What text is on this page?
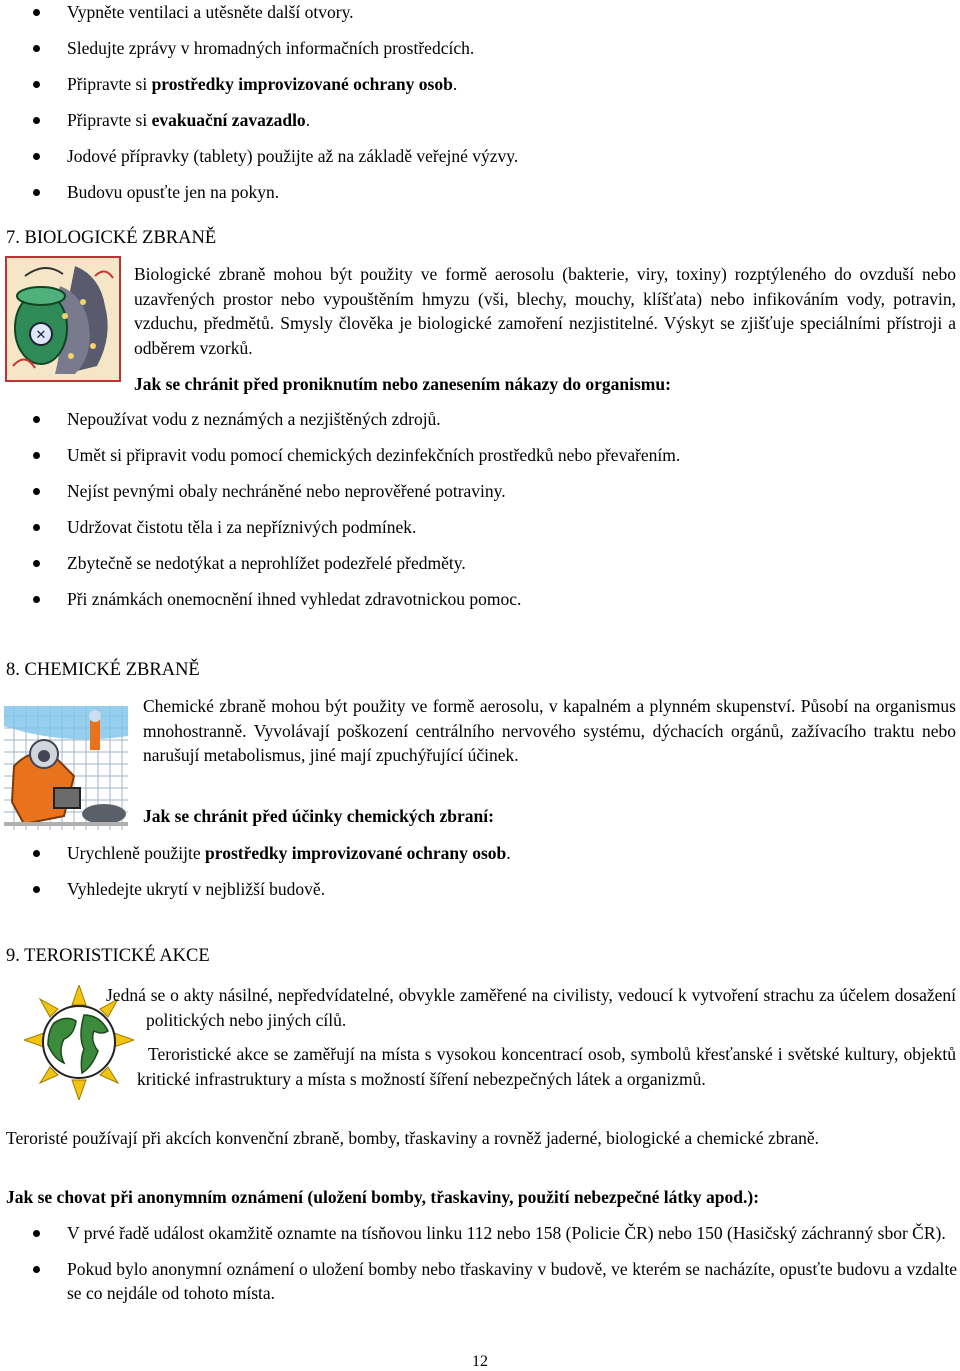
Vypněte ventilaci a utěsněte další otvory.
Sledujte zprávy v hromadných informačních prostředcích.
Připravte si prostředky improvizované ochrany osob.
Připravte si evakuační zavazadlo.
Jodové přípravky (tablety) použijte až na základě veřejné výzvy.
Budovu opusťte jen na pokyn.
7. BIOLOGICKÉ ZBRANĚ
✕

Biologické zbraně mohou být použity ve formě aerosolu (bakterie, viry, toxiny) rozptýleného do ovzduší nebo uzavřených prostor nebo vypouštěním hmyzu (vši, blechy, mouchy, klíšťata) nebo infikováním vody, potravin, vzduchu, předmětů. Smysly člověka je biologické zamoření nezjistitelné. Výskyt se zjišťuje speciálními přístroji a odběrem vzorků.

Jak se chránit před proniknutím nebo zanesením nákazy do organismu:
Nepoužívat vodu z neznámých a nezjištěných zdrojů.
Umět si připravit vodu pomocí chemických dezinfekčních prostředků nebo převařením.
Nejíst pevnými obaly nechráněné nebo neprověřené potraviny.
Udržovat čistotu těla i za nepříznivých podmínek.
Zbytečně se nedotýkat a neprohlížet podezřelé předměty.
Při známkách onemocnění ihned vyhledat zdravotnickou pomoc.
8. CHEMICKÉ ZBRANĚ

Chemické zbraně mohou být použity ve formě aerosolu, v kapalném a plynném skupenství. Působí na organismus mnohostranně. Vyvolávají poškození centrálního nervového systému, dýchacích orgánů, zažívacího traktu nebo narušují metabolismus, jiné mají zpuchýřující účinek.

Jak se chránit před účinky chemických zbraní:
Urychleně použijte prostředky improvizované ochrany osob.
Vyhledejte ukrytí v nejbližší budově.
9. TERORISTICKÉ AKCE

Jedná se o akty násilné, nepředvídatelné, obvykle zaměřené na civilisty, vedoucí k vytvoření strachu za účelem dosažení politických nebo jiných cílů.

Teroristické akce se zaměřují na místa s vysokou koncentrací osob, symbolů křesťanské i světské kultury, objektů kritické infrastruktury a místa s možností šíření nebezpečných látek a organizmů.

Teroristé používají při akcích konvenční zbraně, bomby, třaskaviny a rovněž jaderné, biologické a chemické zbraně.

Jak se chovat při anonymním oznámení (uložení bomby, třaskaviny, použití nebezpečné látky apod.):
V prvé řadě událost okamžitě oznamte na tísňovou linku 112 nebo 158 (Policie ČR) nebo 150 (Hasičský záchranný sbor ČR).
Pokud bylo anonymní oznámení o uložení bomby nebo třaskaviny v budově, ve kterém se nacházíte, opusťte budovu a vzdalte se co nejdále od tohoto místa.
12
